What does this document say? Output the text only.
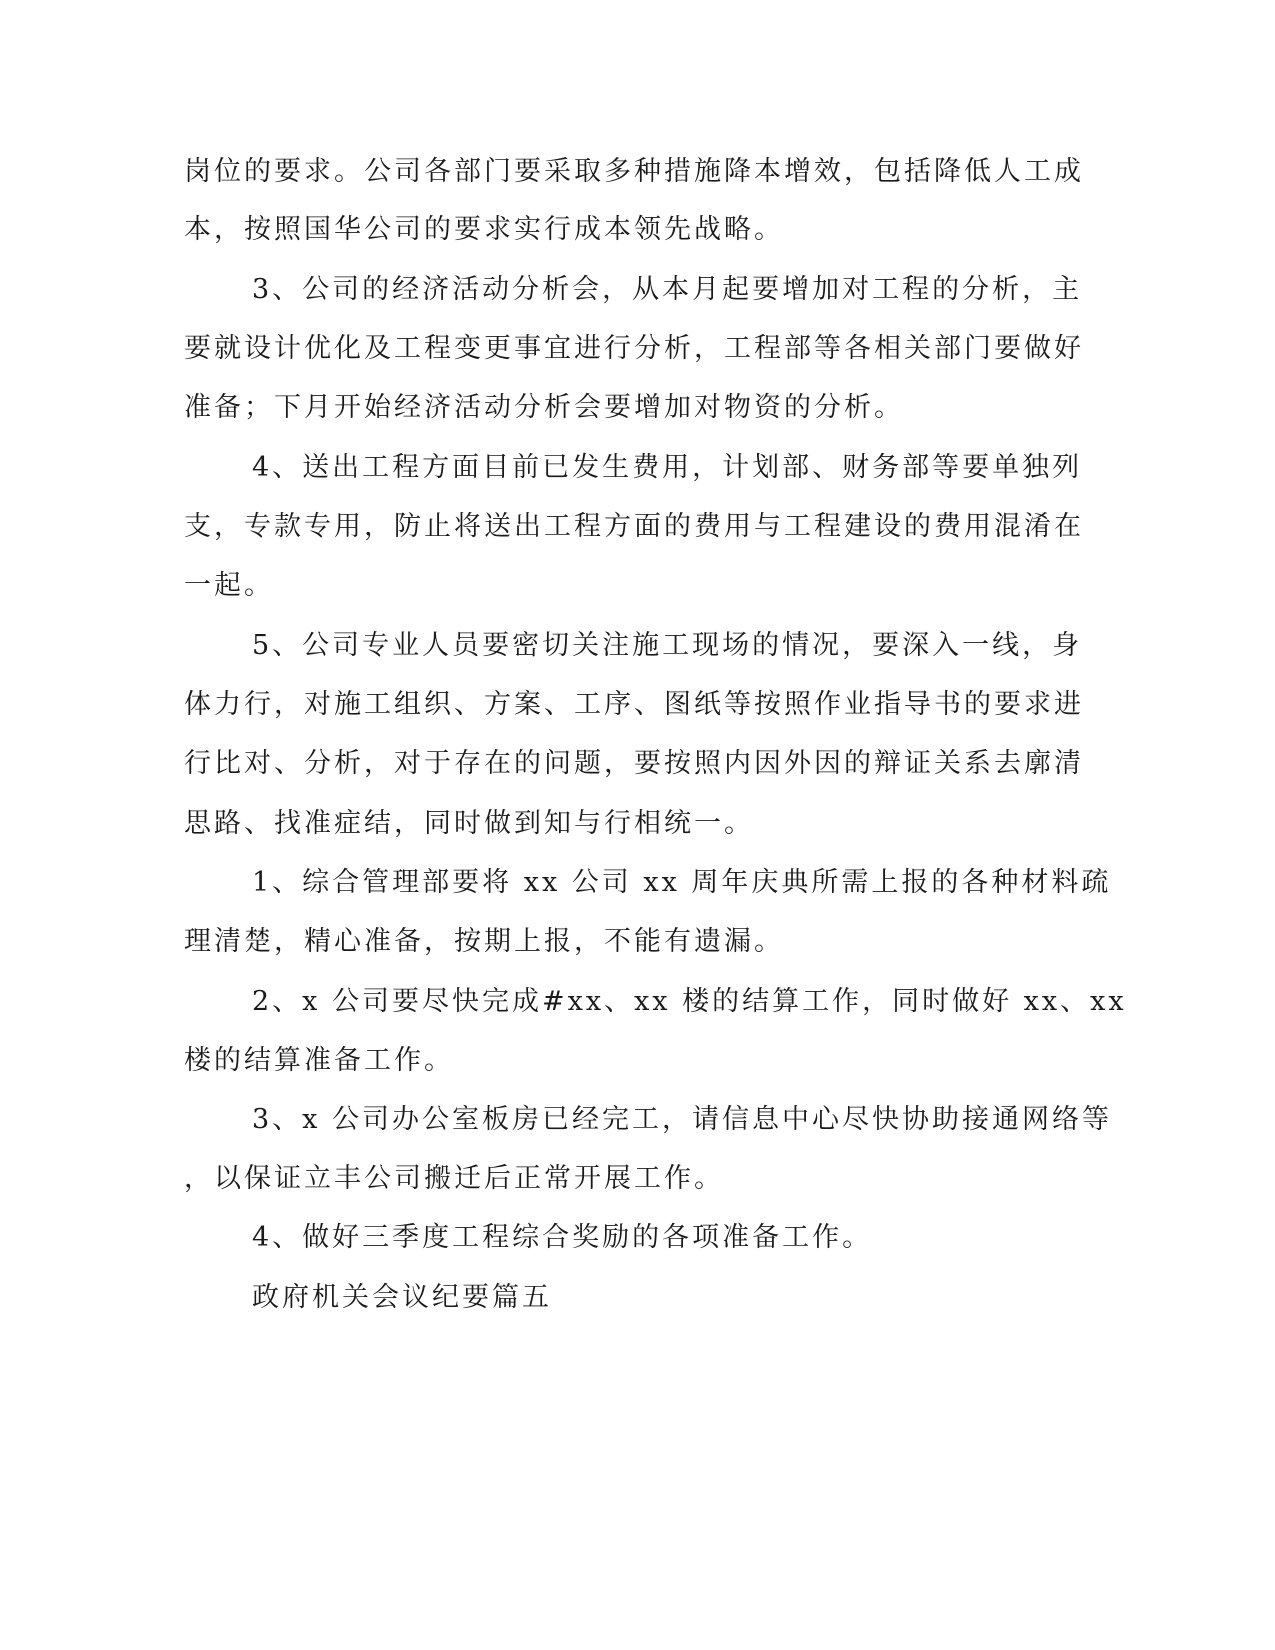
岗位的要求。公司各部门要采取多种措施降本增效，包括降低人工成
本，按照国华公司的要求实行成本领先战略。
3、公司的经济活动分析会，从本月起要增加对工程的分析，主
要就设计优化及工程变更事宜进行分析，工程部等各相关部门要做好
准备；下月开始经济活动分析会要增加对物资的分析。
4、送出工程方面目前已发生费用，计划部、财务部等要单独列
支，专款专用，防止将送出工程方面的费用与工程建设的费用混淆在
一起。
5、公司专业人员要密切关注施工现场的情况，要深入一线，身
体力行，对施工组织、方案、工序、图纸等按照作业指导书的要求进
行比对、分析，对于存在的问题，要按照内因外因的辩证关系去廓清
思路、找准症结，同时做到知与行相统一。
1、综合管理部要将 xx 公司 xx 周年庆典所需上报的各种材料疏
理清楚，精心准备，按期上报，不能有遗漏。
2、x 公司要尽快完成#xx、xx 楼的结算工作，同时做好 xx、xx
楼的结算准备工作。
3、x 公司办公室板房已经完工，请信息中心尽快协助接通网络等
，以保证立丰公司搬迁后正常开展工作。
4、做好三季度工程综合奖励的各项准备工作。
政府机关会议纪要篇五
